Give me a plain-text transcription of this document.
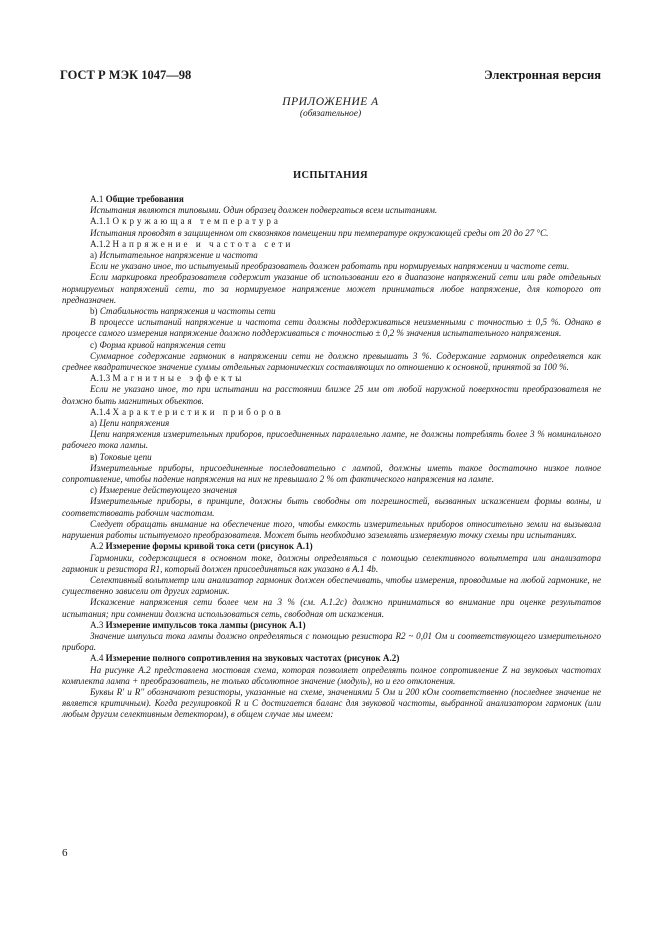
ГОСТ Р МЭК 1047—98	Электронная версия
ПРИЛОЖЕНИЕ А
(обязательное)
ИСПЫТАНИЯ

А.1 Общие требования

Испытания являются типовыми. Один образец должен подвергаться всем испытаниям.

А.1.1 Окружающая температура

Испытания проводят в защищенном от сквозняков помещении при температуре окружающей среды от 20 до 27 °С.

А.1.2 Напряжение и частота сети

а) Испытательное напряжение и частота

Если не указано иное, то испытуемый преобразователь должен работать при нормируемых напряжении и частоте сети.

Если маркировка преобразователя содержит указание об использовании его в диапазоне напряжений сети или ряде отдельных нормируемых напряжений сети, то за нормируемое напряжение может приниматься любое напряжение, для которого от предназначен.

b) Стабильность напряжения и частоты сети

В процессе испытаний напряжение и частота сети должны поддерживаться неизменными с точностью ± 0,5 %. Однако в процессе самого измерения напряжение должно поддерживаться с точностью ± 0,2 % значения испытательного напряжения.

с) Форма кривой напряжения сети

Суммарное содержание гармоник в напряжении сети не должно превышать 3 %. Содержание гармоник определяется как среднее квадратическое значение суммы отдельных гармонических составляющих по отношению к основной, принятой за 100 %.

А.1.3 Магнитные эффекты

Если не указано иное, то при испытании на расстоянии ближе 25 мм от любой наружной поверхности преобразователя не должно быть магнитных объектов.

А.1.4 Характеристики приборов

а) Цепи напряжения

Цепи напряжения измерительных приборов, присоединенных параллельно лампе, не должны потреблять более 3 % номинального рабочего тока лампы.

в) Токовые цепи

Измерительные приборы, присоединенные последовательно с лампой, должны иметь такое достаточно низкое полное сопротивление, чтобы падение напряжения на них не превышало 2 % от фактического напряжения на лампе.

с) Измерение действующего значения

Измерительные приборы, в принципе, должны быть свободны от погрешностей, вызванных искажением формы волны, и соответствовать рабочим частотам.

Следует обращать внимание на обеспечение того, чтобы емкость измерительных приборов относительно земли на вызывала нарушения работы испытуемого преобразователя. Может быть необходимо заземлять измеряемую точку схемы при испытаниях.

А.2 Измерение формы кривой тока сети (рисунок А.1)

Гармоники, содержащиеся в основном токе, должны определяться с помощью селективного вольтметра или анализатора гармоник и резистора R1, который должен присоединяться как указано в А.1 4b.

Селективный вольтметр или анализатор гармоник должен обеспечивать, чтобы измерения, проводимые на любой гармонике, не существенно зависели от других гармоник.

Искажение напряжения сети более чем на 3 % (см. А.1.2с) должно приниматься во внимание при оценке результатов испытания; при сомнении должна использоваться сеть, свободная от искажения.

А.3 Измерение импульсов тока лампы (рисунок А.1)

Значение импульса тока лампы должно определяться с помощью резистора R2 ~ 0,01 Ом и соответствующего измерительного прибора.

А.4 Измерение полного сопротивления на звуковых частотах (рисунок А.2)

На рисунке А.2 представлена мостовая схема, которая позволяет определять полное сопротивление Z на звуковых частотах комплекта лампа + преобразователь, не только абсолютное значение (модуль), но и его отклонения.

Буквы R' и R'' обозначают резисторы, указанные на схеме, значениями 5 Ом и 200 кОм соответственно (последнее значение не является критичным). Когда регулировкой R и С достигается баланс для звуковой частоты, выбранной анализатором гармоник (или любым другим селективным детектором), в общем случае мы имеем:

6
